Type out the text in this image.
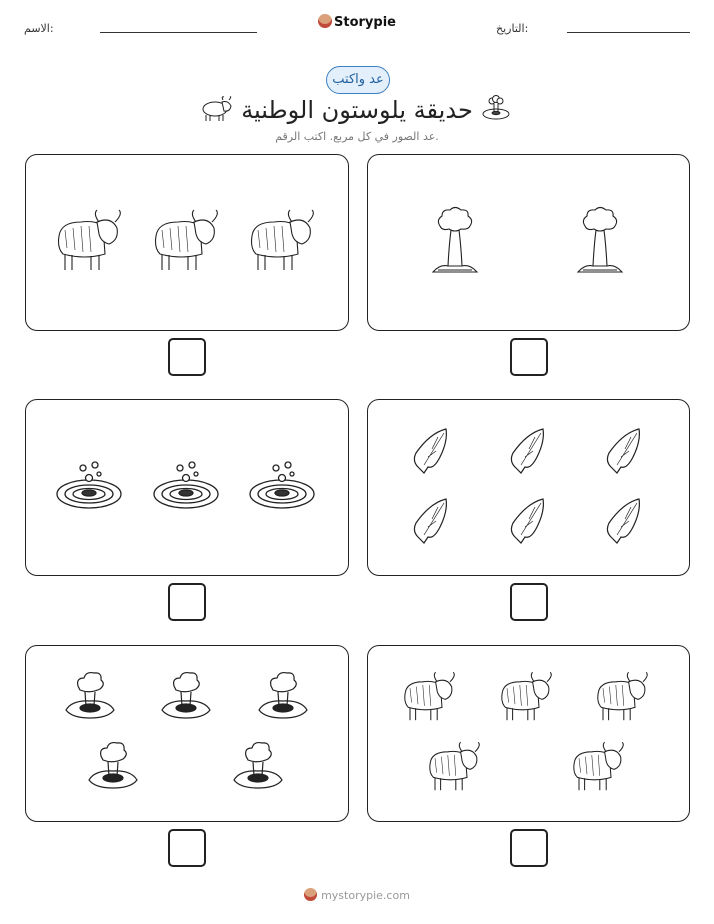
الاسم:	Storypie	التاريخ:
عد واكتب
حديقة يلوستون الوطنية
عد الصور في كل مربع. اكتب الرقم.
mystorypie.com
